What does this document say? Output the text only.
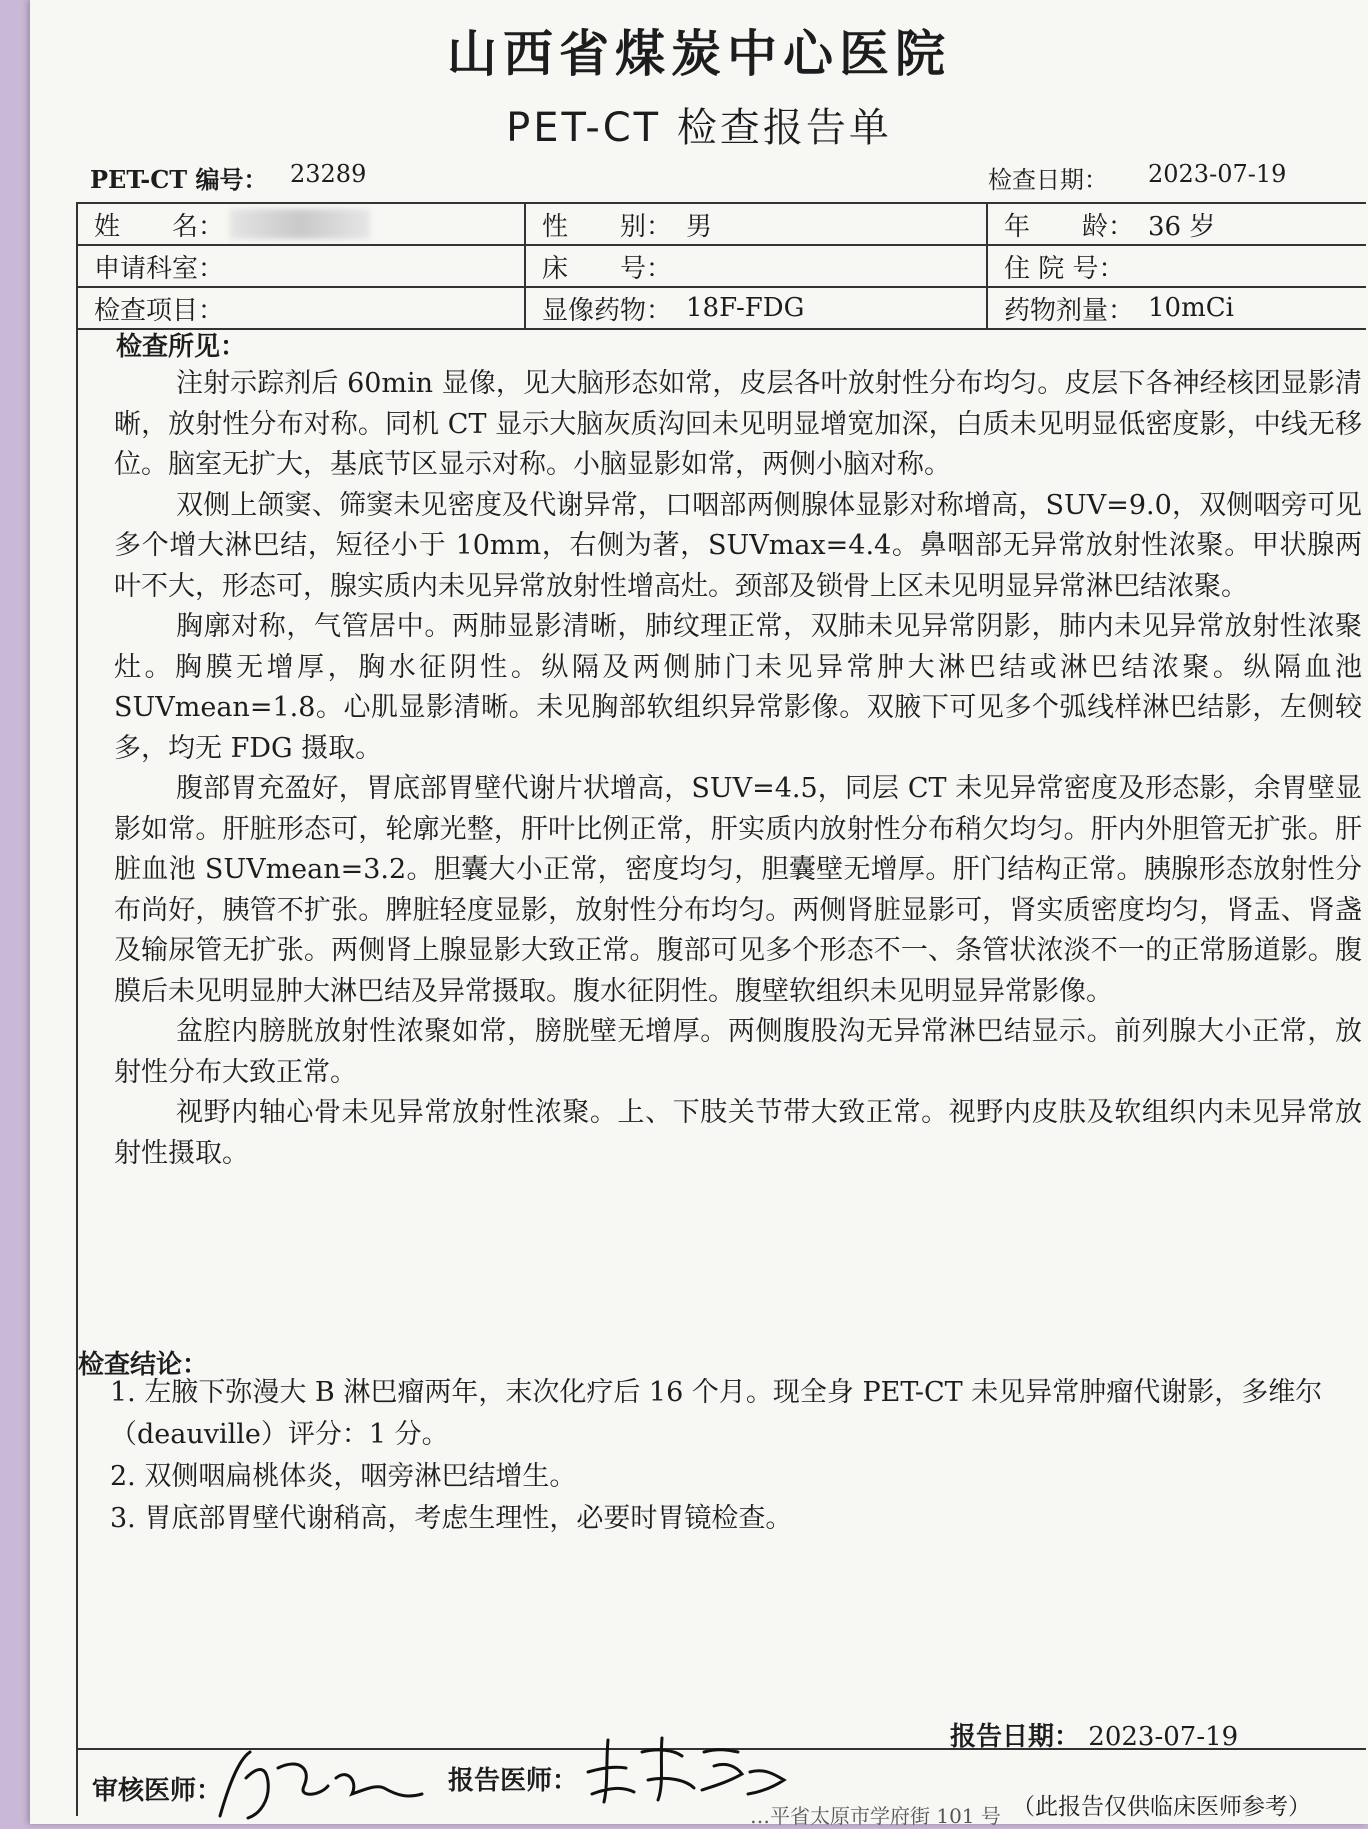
山西省煤炭中心医院
PET-CT 检查报告单
PET-CT 编号： 23289	检查日期： 2023-07-19
姓　　名：	性　　别： 男	年　　龄： 36 岁
申请科室：	床　　号：	住 院 号：
检查项目：	显像药物： 18F-FDG	药物剂量： 10mCi
检查所见：

注射示踪剂后 60min 显像，见大脑形态如常，皮层各叶放射性分布均匀。皮层下各神经核团显影清晰，放射性分布对称。同机 CT 显示大脑灰质沟回未见明显增宽加深，白质未见明显低密度影，中线无移位。脑室无扩大，基底节区显示对称。小脑显影如常，两侧小脑对称。

双侧上颌窦、筛窦未见密度及代谢异常，口咽部两侧腺体显影对称增高，SUV=9.0，双侧咽旁可见多个增大淋巴结，短径小于 10mm，右侧为著，SUVmax=4.4。鼻咽部无异常放射性浓聚。甲状腺两叶不大，形态可，腺实质内未见异常放射性增高灶。颈部及锁骨上区未见明显异常淋巴结浓聚。

胸廓对称，气管居中。两肺显影清晰，肺纹理正常，双肺未见异常阴影，肺内未见异常放射性浓聚灶。胸膜无增厚，胸水征阴性。纵隔及两侧肺门未见异常肿大淋巴结或淋巴结浓聚。纵隔血池 SUVmean=1.8。心肌显影清晰。未见胸部软组织异常影像。双腋下可见多个弧线样淋巴结影，左侧较多，均无 FDG 摄取。

腹部胃充盈好，胃底部胃壁代谢片状增高，SUV=4.5，同层 CT 未见异常密度及形态影，余胃壁显影如常。肝脏形态可，轮廓光整，肝叶比例正常，肝实质内放射性分布稍欠均匀。肝内外胆管无扩张。肝脏血池 SUVmean=3.2。胆囊大小正常，密度均匀，胆囊壁无增厚。肝门结构正常。胰腺形态放射性分布尚好，胰管不扩张。脾脏轻度显影，放射性分布均匀。两侧肾脏显影可，肾实质密度均匀，肾盂、肾盏及输尿管无扩张。两侧肾上腺显影大致正常。腹部可见多个形态不一、条管状浓淡不一的正常肠道影。腹膜后未见明显肿大淋巴结及异常摄取。腹水征阴性。腹壁软组织未见明显异常影像。

盆腔内膀胱放射性浓聚如常，膀胱壁无增厚。两侧腹股沟无异常淋巴结显示。前列腺大小正常，放射性分布大致正常。

视野内轴心骨未见异常放射性浓聚。上、下肢关节带大致正常。视野内皮肤及软组织内未见异常放射性摄取。

检查结论：
1. 左腋下弥漫大 B 淋巴瘤两年，末次化疗后 16 个月。现全身 PET-CT 未见异常肿瘤代谢影，多维尔（deauville）评分：1 分。
2. 双侧咽扁桃体炎，咽旁淋巴结增生。
3. 胃底部胃壁代谢稍高，考虑生理性，必要时胃镜检查。
报告日期： 2023-07-19
审核医师：	报告医师：
…平省太原市学府街 101 号 （此报告仅供临床医师参考）
